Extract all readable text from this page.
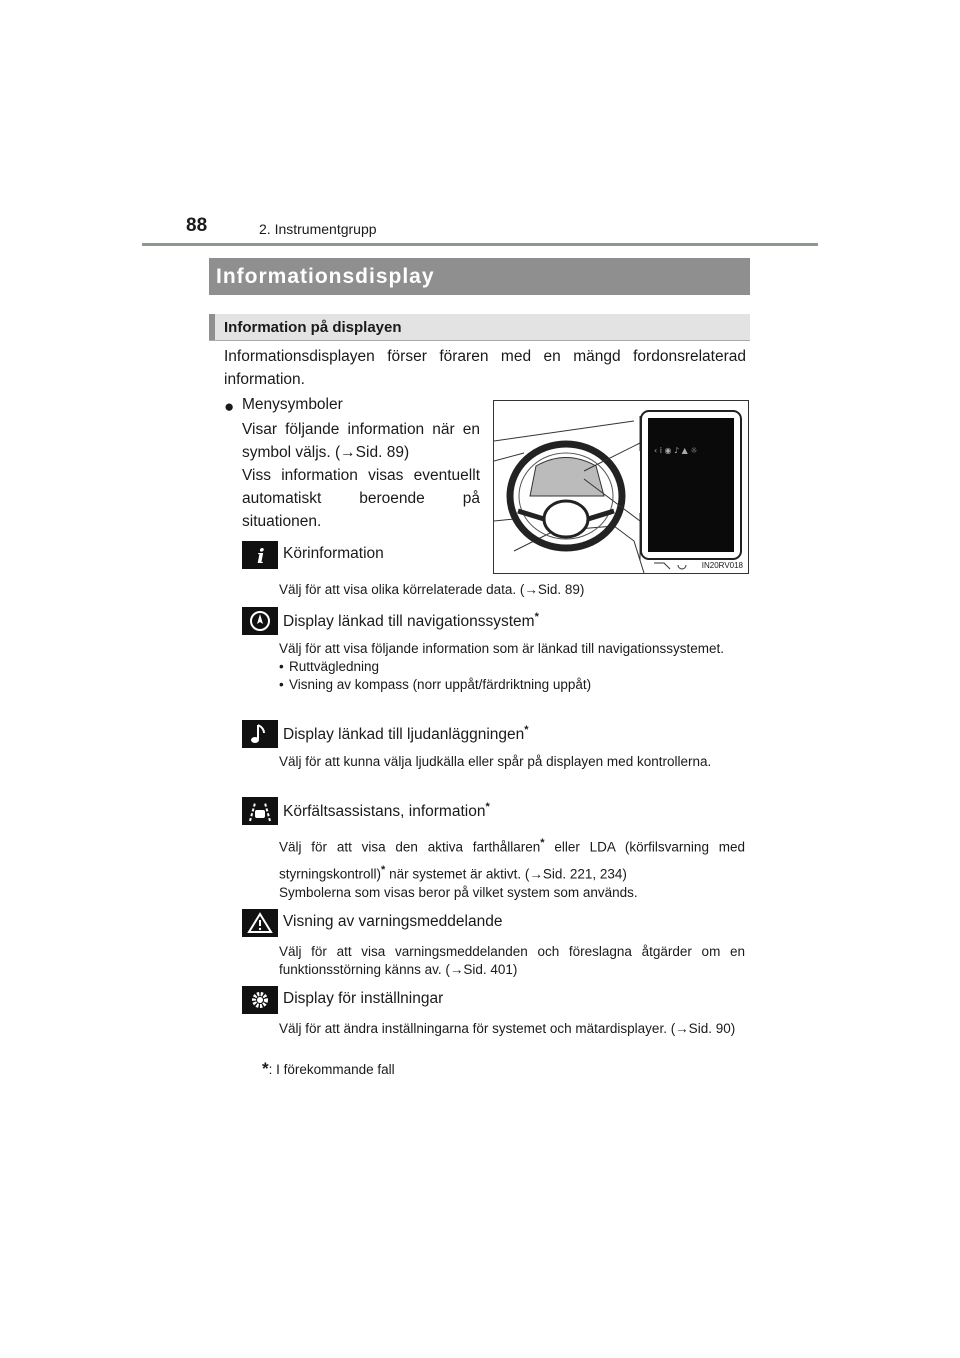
88	2. Instrumentgrupp
Informationsdisplay
Information på displayen
Informationsdisplayen förser föraren med en mängd fordonsrelaterad information.
● Menysymboler
Visar följande information när en symbol väljs. (→Sid. 89)
Viss information visas eventuellt automatiskt beroende på situationen.
‹ i ◉ ♪ ▲ ☼
IN20RV018
i Körinformation
Välj för att visa olika körrelaterade data. (→Sid. 89)
Display länkad till navigationssystem*
Välj för att visa följande information som är länkad till navigationssystemet.
• Ruttvägledning
• Visning av kompass (norr uppåt/färdriktning uppåt)
Display länkad till ljudanläggningen*
Välj för att kunna välja ljudkälla eller spår på displayen med kontrollerna.
Körfältsassistans, information*
Välj för att visa den aktiva farthållaren* eller LDA (körfilsvarning med styrningskontroll)* när systemet är aktivt. (→Sid. 221, 234)
Symbolerna som visas beror på vilket system som används.
Visning av varningsmeddelande
Välj för att visa varningsmeddelanden och föreslagna åtgärder om en funktionsstörning känns av. (→Sid. 401)
Display för inställningar
Välj för att ändra inställningarna för systemet och mätardisplayer. (→Sid. 90)
*: I förekommande fall
